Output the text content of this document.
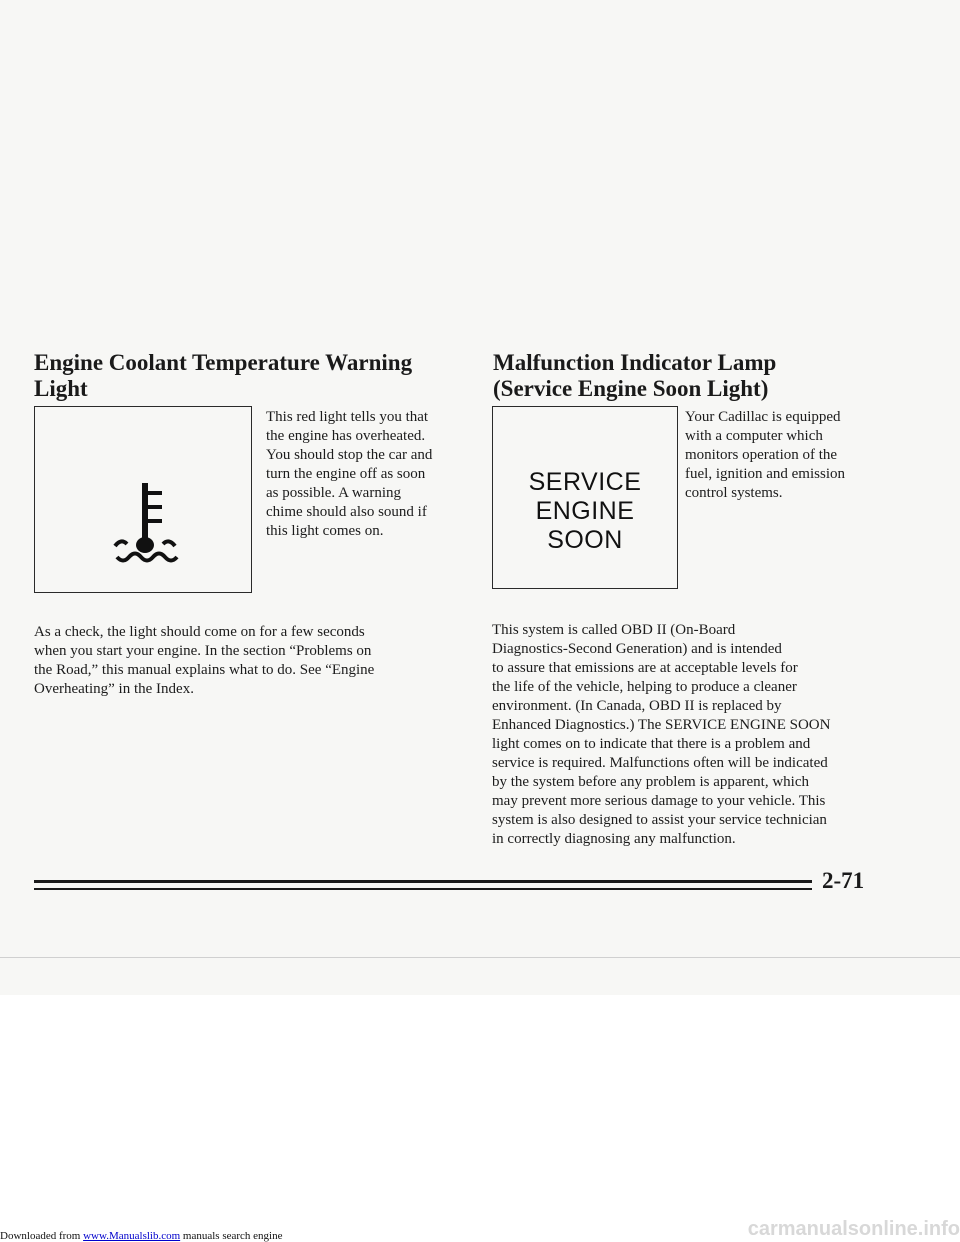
Engine Coolant Temperature Warning
Light
This red light tells you that
the engine has overheated.
You should stop the car and
turn the engine off as soon
as possible. A warning
chime should also sound if
this light comes on.
As a check, the light should come on for a few seconds
when you start your engine. In the section “Problems on
the Road,” this manual explains what to do. See “Engine
Overheating” in the Index.
Malfunction Indicator Lamp
(Service Engine Soon Light)
SERVICE
ENGINE
SOON
Your Cadillac is equipped
with a computer which
monitors operation of the
fuel, ignition and emission
control systems.
This system is called OBD II (On-Board
Diagnostics-Second Generation) and is intended
to assure that emissions are at acceptable levels for
the life of the vehicle, helping to produce a cleaner
environment. (In Canada, OBD II is replaced by
Enhanced Diagnostics.) The SERVICE ENGINE SOON
light comes on to indicate that there is a problem and
service is required. Malfunctions often will be indicated
by the system before any problem is apparent, which
may prevent more serious damage to your vehicle. This
system is also designed to assist your service technician
in correctly diagnosing any malfunction.
2-71
Downloaded from www.Manualslib.com manuals search engine	carmanualsonline.info
